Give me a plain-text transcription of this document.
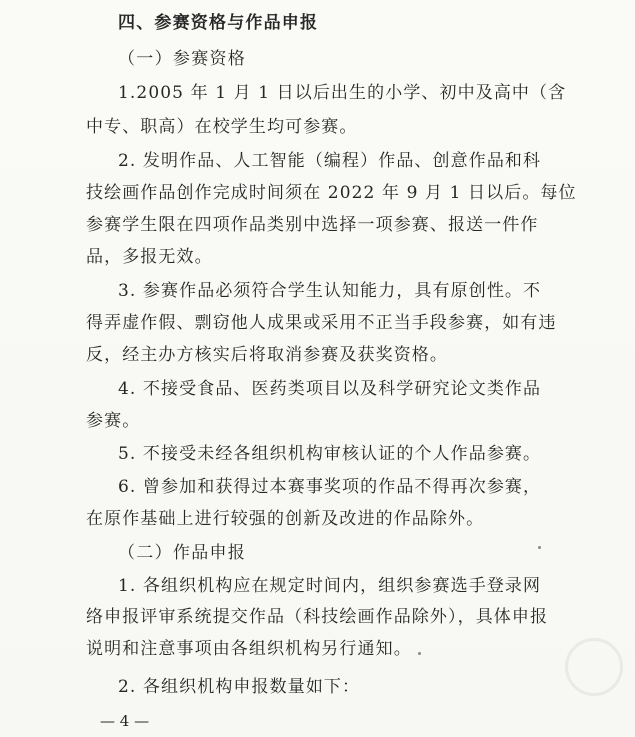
四、参赛资格与作品申报
（一）参赛资格
1.2005 年 1 月 1 日以后出生的小学、初中及高中（含
中专、职高）在校学生均可参赛。
2. 发明作品、人工智能（编程）作品、创意作品和科
技绘画作品创作完成时间须在 2022 年 9 月 1 日以后。每位
参赛学生限在四项作品类别中选择一项参赛、报送一件作
品，多报无效。
3. 参赛作品必须符合学生认知能力，具有原创性。不
得弄虚作假、剽窃他人成果或采用不正当手段参赛，如有违
反，经主办方核实后将取消参赛及获奖资格。
4. 不接受食品、医药类项目以及科学研究论文类作品
参赛。
5. 不接受未经各组织机构审核认证的个人作品参赛。
6. 曾参加和获得过本赛事奖项的作品不得再次参赛，
在原作基础上进行较强的创新及改进的作品除外。
（二）作品申报
1. 各组织机构应在规定时间内，组织参赛选手登录网
络申报评审系统提交作品（科技绘画作品除外），具体申报
说明和注意事项由各组织机构另行通知。
2. 各组织机构申报数量如下：
— 4 —
